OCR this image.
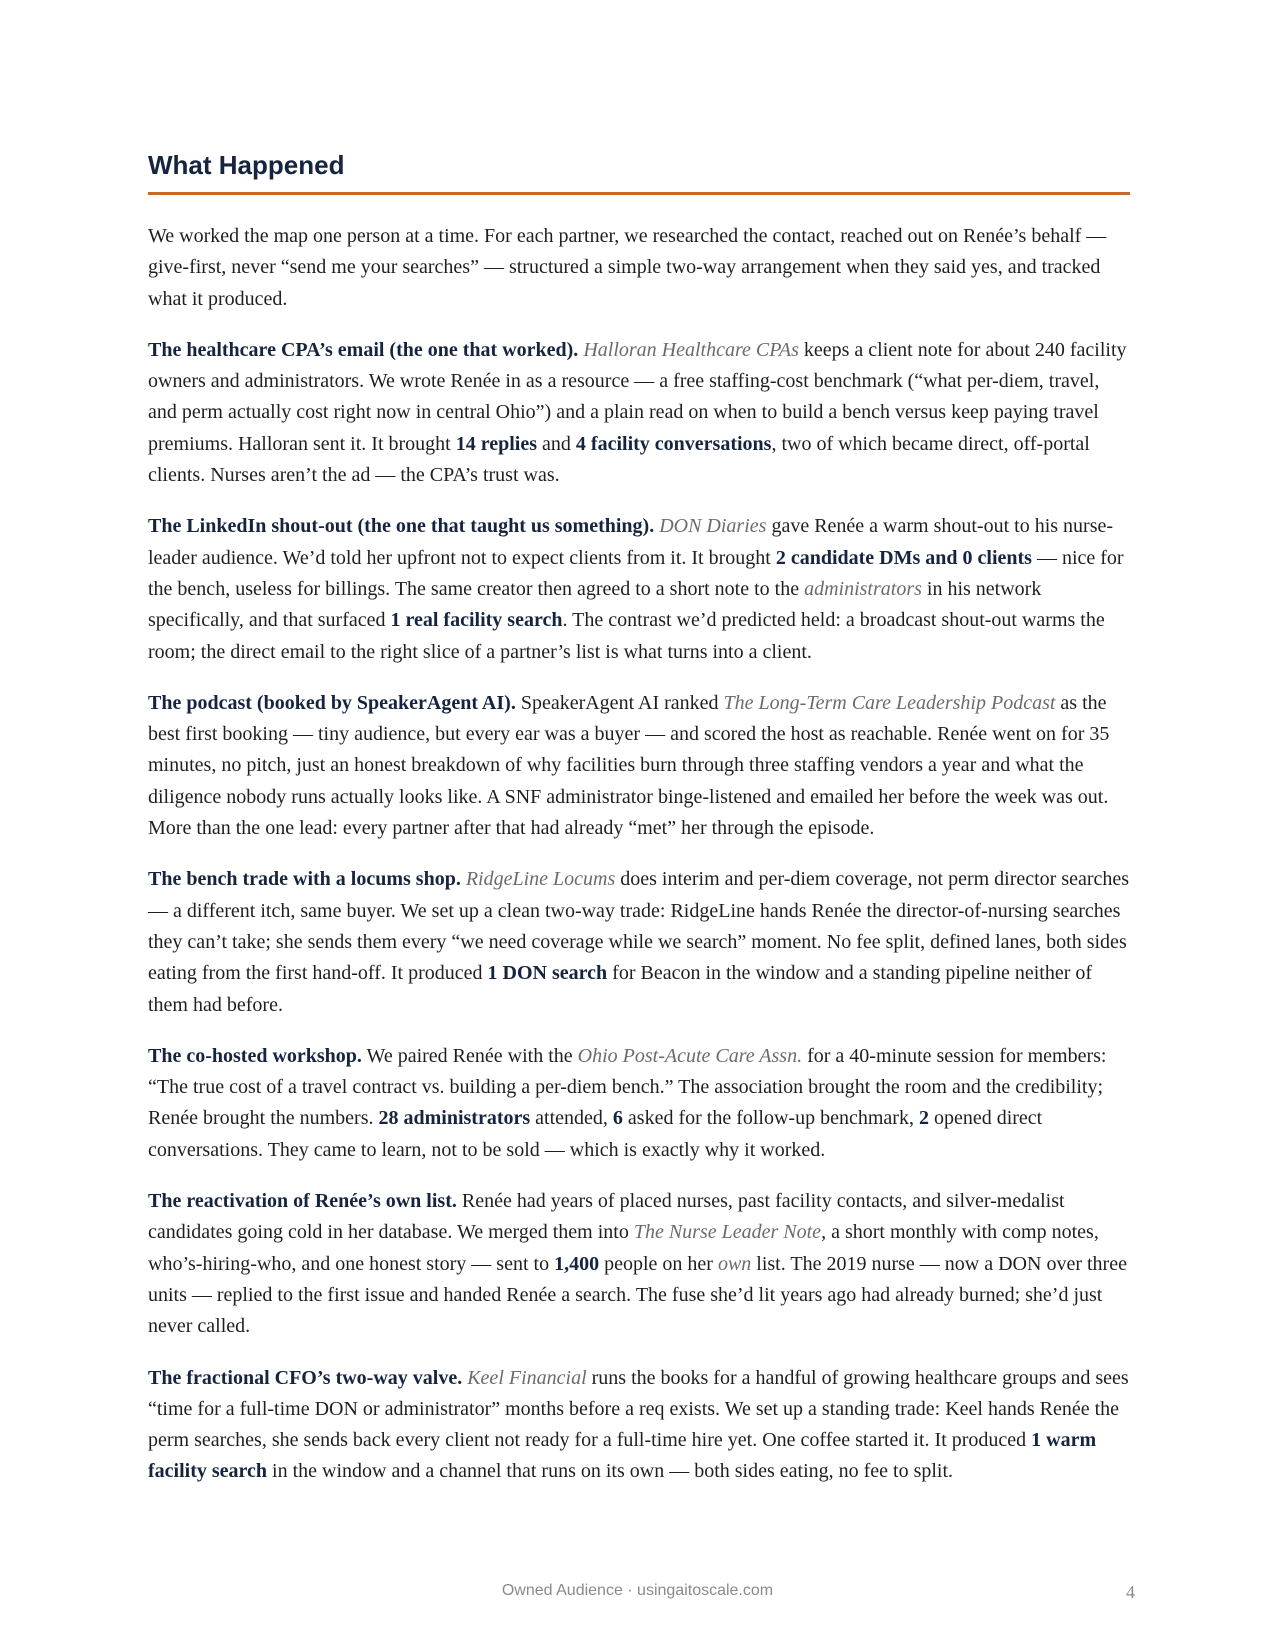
What Happened

We worked the map one person at a time. For each partner, we researched the contact, reached out on Renée’s behalf — give-first, never “send me your searches” — structured a simple two-way arrangement when they said yes, and tracked what it produced.

The healthcare CPA’s email (the one that worked). Halloran Healthcare CPAs keeps a client note for about 240 facility owners and administrators. We wrote Renée in as a resource — a free staffing-cost benchmark (“what per-diem, travel, and perm actually cost right now in central Ohio”) and a plain read on when to build a bench versus keep paying travel premiums. Halloran sent it. It brought 14 replies and 4 facility conversations, two of which became direct, off-portal clients. Nurses aren’t the ad — the CPA’s trust was.

The LinkedIn shout-out (the one that taught us something). DON Diaries gave Renée a warm shout-out to his nurse-leader audience. We’d told her upfront not to expect clients from it. It brought 2 candidate DMs and 0 clients — nice for the bench, useless for billings. The same creator then agreed to a short note to the administrators in his network specifically, and that surfaced 1 real facility search. The contrast we’d predicted held: a broadcast shout-out warms the room; the direct email to the right slice of a partner’s list is what turns into a client.

The podcast (booked by SpeakerAgent AI). SpeakerAgent AI ranked The Long-Term Care Leadership Podcast as the best first booking — tiny audience, but every ear was a buyer — and scored the host as reachable. Renée went on for 35 minutes, no pitch, just an honest breakdown of why facilities burn through three staffing vendors a year and what the diligence nobody runs actually looks like. A SNF administrator binge-listened and emailed her before the week was out. More than the one lead: every partner after that had already “met” her through the episode.

The bench trade with a locums shop. RidgeLine Locums does interim and per-diem coverage, not perm director searches — a different itch, same buyer. We set up a clean two-way trade: RidgeLine hands Renée the director-of-nursing searches they can’t take; she sends them every “we need coverage while we search” moment. No fee split, defined lanes, both sides eating from the first hand-off. It produced 1 DON search for Beacon in the window and a standing pipeline neither of them had before.

The co-hosted workshop. We paired Renée with the Ohio Post-Acute Care Assn. for a 40-minute session for members: “The true cost of a travel contract vs. building a per-diem bench.” The association brought the room and the credibility; Renée brought the numbers. 28 administrators attended, 6 asked for the follow-up benchmark, 2 opened direct conversations. They came to learn, not to be sold — which is exactly why it worked.

The reactivation of Renée’s own list. Renée had years of placed nurses, past facility contacts, and silver-medalist candidates going cold in her database. We merged them into The Nurse Leader Note, a short monthly with comp notes, who’s-hiring-who, and one honest story — sent to 1,400 people on her own list. The 2019 nurse — now a DON over three units — replied to the first issue and handed Renée a search. The fuse she’d lit years ago had already burned; she’d just never called.

The fractional CFO’s two-way valve. Keel Financial runs the books for a handful of growing healthcare groups and sees “time for a full-time DON or administrator” months before a req exists. We set up a standing trade: Keel hands Renée the perm searches, she sends back every client not ready for a full-time hire yet. One coffee started it. It produced 1 warm facility search in the window and a channel that runs on its own — both sides eating, no fee to split.

Owned Audience · usingaitoscale.com	4
